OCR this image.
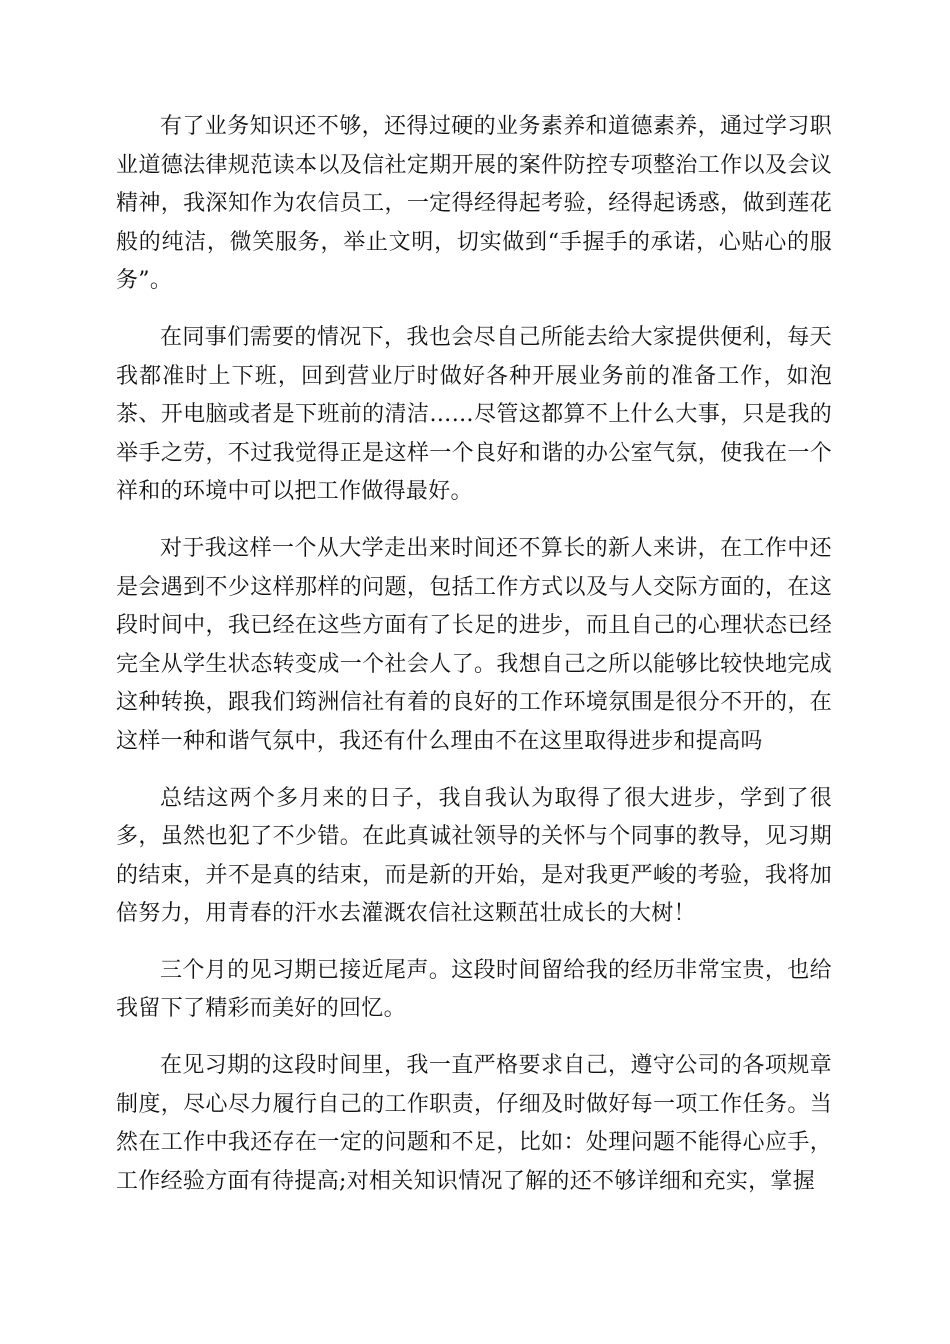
有了业务知识还不够，还得过硬的业务素养和道德素养，通过学习职业道德法律规范读本以及信社定期开展的案件防控专项整治工作以及会议精神，我深知作为农信员工，一定得经得起考验，经得起诱惑，做到莲花般的纯洁，微笑服务，举止文明，切实做到“手握手的承诺，心贴心的服务”。

在同事们需要的情况下，我也会尽自己所能去给大家提供便利，每天我都准时上下班，回到营业厅时做好各种开展业务前的准备工作，如泡茶、开电脑或者是下班前的清洁……尽管这都算不上什么大事，只是我的举手之劳，不过我觉得正是这样一个良好和谐的办公室气氛，使我在一个祥和的环境中可以把工作做得最好。

对于我这样一个从大学走出来时间还不算长的新人来讲，在工作中还是会遇到不少这样那样的问题，包括工作方式以及与人交际方面的，在这段时间中，我已经在这些方面有了长足的进步，而且自己的心理状态已经完全从学生状态转变成一个社会人了。我想自己之所以能够比较快地完成这种转换，跟我们筠洲信社有着的良好的工作环境氛围是很分不开的，在这样一种和谐气氛中，我还有什么理由不在这里取得进步和提高吗

总结这两个多月来的日子，我自我认为取得了很大进步，学到了很多，虽然也犯了不少错。在此真诚社领导的关怀与个同事的教导，见习期的结束，并不是真的结束，而是新的开始，是对我更严峻的考验，我将加倍努力，用青春的汗水去灌溉农信社这颗茁壮成长的大树！

三个月的见习期已接近尾声。这段时间留给我的经历非常宝贵，也给我留下了精彩而美好的回忆。

在见习期的这段时间里，我一直严格要求自己，遵守公司的各项规章制度，尽心尽力履行自己的工作职责，仔细及时做好每一项工作任务。当然在工作中我还存在一定的问题和不足，比如：处理问题不能得心应手，工作经验方面有待提高;对相关知识情况了解的还不够详细和充实，掌握
